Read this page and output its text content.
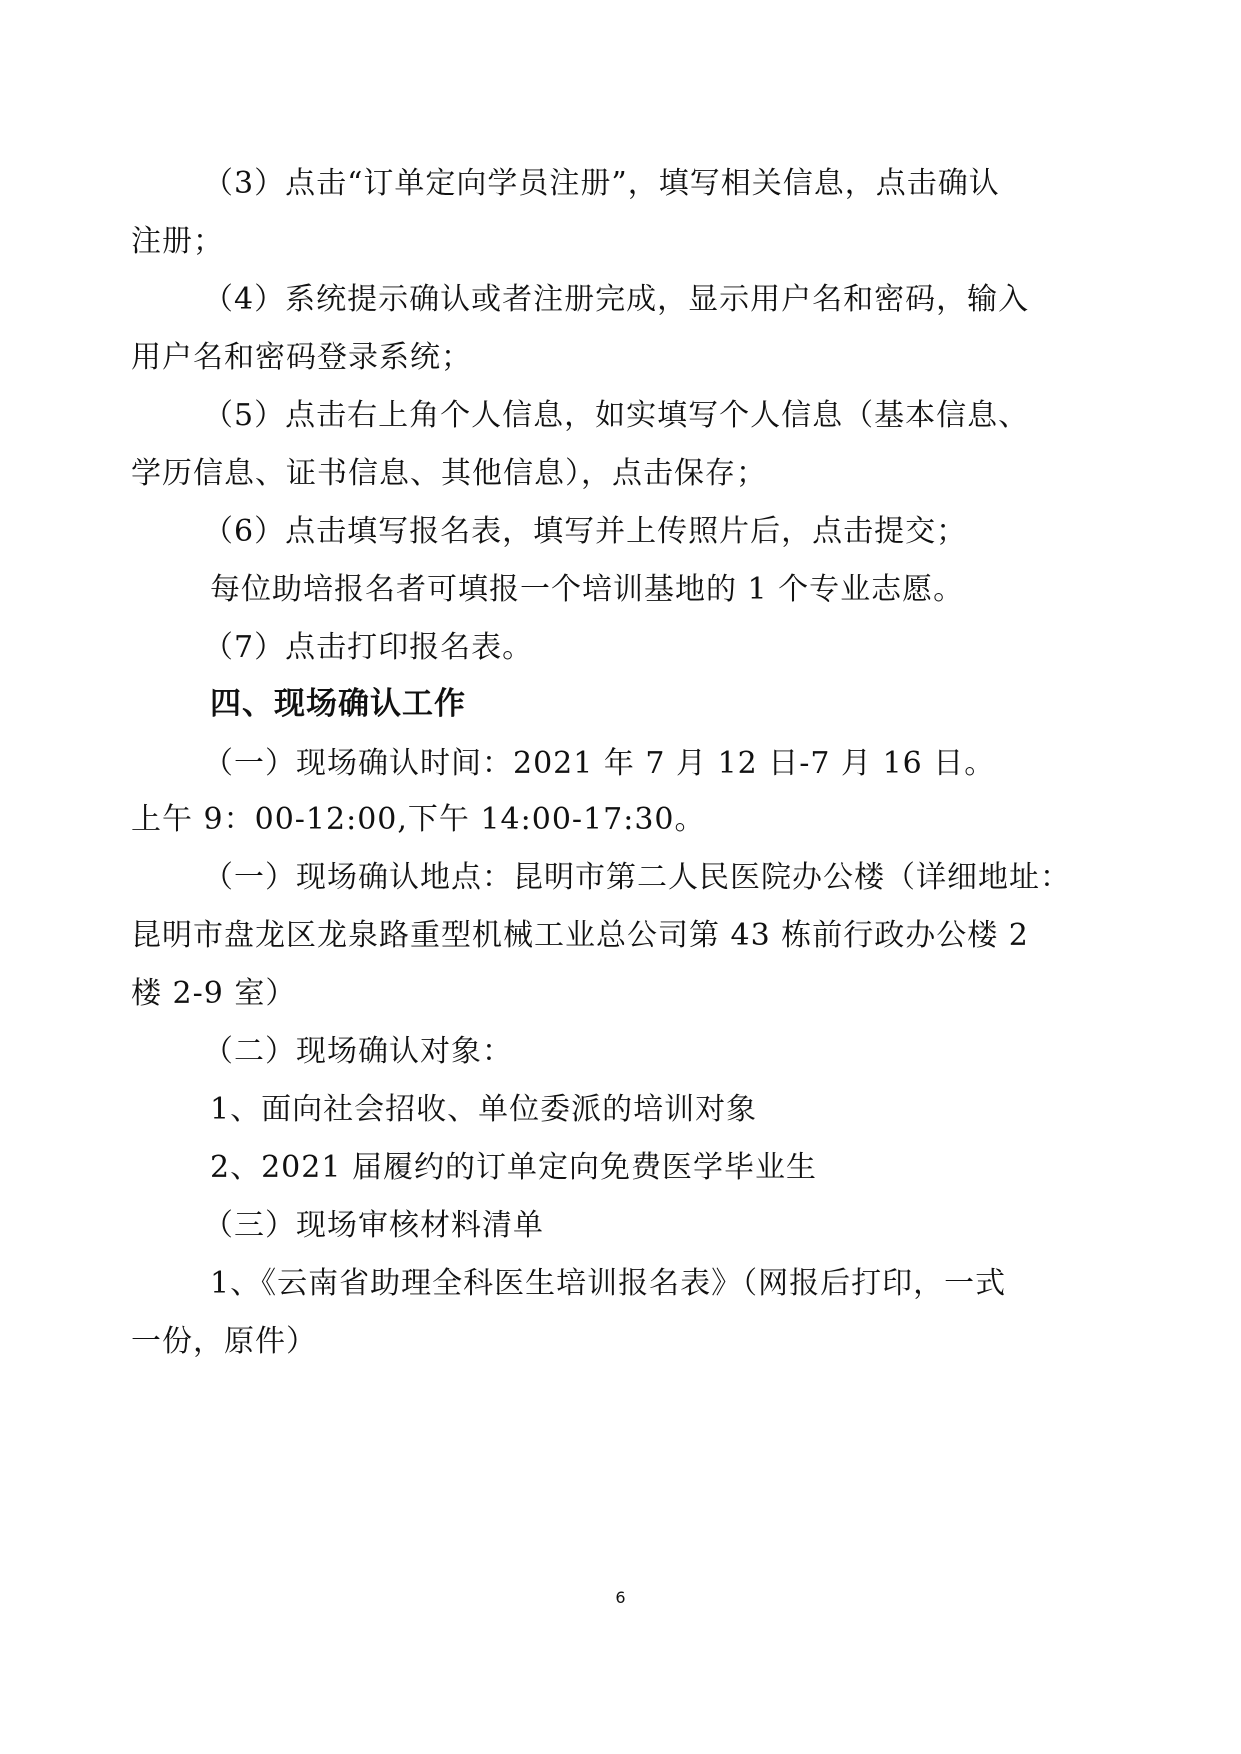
（3）点击“订单定向学员注册”，填写相关信息，点击确认
注册；
（4）系统提示确认或者注册完成，显示用户名和密码，输入
用户名和密码登录系统；
（5）点击右上角个人信息，如实填写个人信息（基本信息、
学历信息、证书信息、其他信息），点击保存；
（6）点击填写报名表，填写并上传照片后，点击提交；
每位助培报名者可填报一个培训基地的 1 个专业志愿。
（7）点击打印报名表。
四、现场确认工作
（一）现场确认时间：2021 年 7 月 12 日-7 月 16 日。
上午 9：00-12:00,下午 14:00-17:30。
（一）现场确认地点：昆明市第二人民医院办公楼（详细地址：
昆明市盘龙区龙泉路重型机械工业总公司第 43 栋前行政办公楼 2
楼 2-9 室）
（二）现场确认对象：
1、面向社会招收、单位委派的培训对象
2、2021 届履约的订单定向免费医学毕业生
（三）现场审核材料清单
1、《云南省助理全科医生培训报名表》（网报后打印，一式
一份，原件）
6
